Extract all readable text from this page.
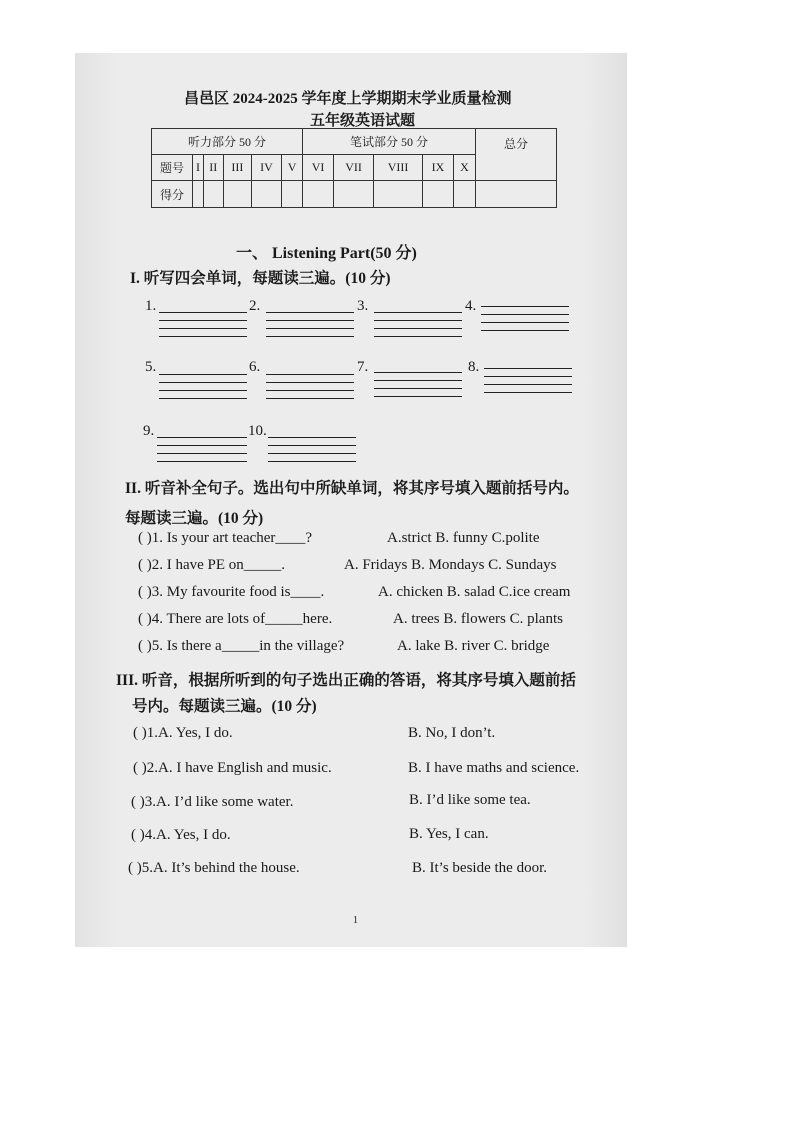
昌邑区 2024-2025 学年度上学期期末学业质量检测
五年级英语试题
听力部分 50 分						笔试部分 50 分					总分
题号	I	II	III	IV	V	VI	VII	VIII	IX	X	
得分											
一、 Listening Part(50 分)
I. 听写四会单词，每题读三遍。(10 分)
1.	2.	3.	4.
5.	6.	7.	8.
9.	10.
II. 听音补全句子。选出句中所缺单词，将其序号填入题前括号内。
每题读三遍。(10 分)
( )1. Is your art teacher____?	A.strict B. funny C.polite
( )2. I have PE on_____.	A. Fridays B. Mondays C. Sundays
( )3. My favourite food is____.	A. chicken B. salad C.ice cream
( )4. There are lots of_____here.	A. trees B. flowers C. plants
( )5. Is there a_____in the village?	A. lake B. river C. bridge
III. 听音，根据所听到的句子选出正确的答语，将其序号填入题前括
号内。每题读三遍。(10 分)
( )1.A. Yes, I do.	B. No, I don’t.
( )2.A. I have English and music.	B. I have maths and science.
( )3.A. I’d like some water.	B. I’d like some tea.
( )4.A. Yes, I do.	B. Yes, I can.
( )5.A. It’s behind the house.	B. It’s beside the door.
1
